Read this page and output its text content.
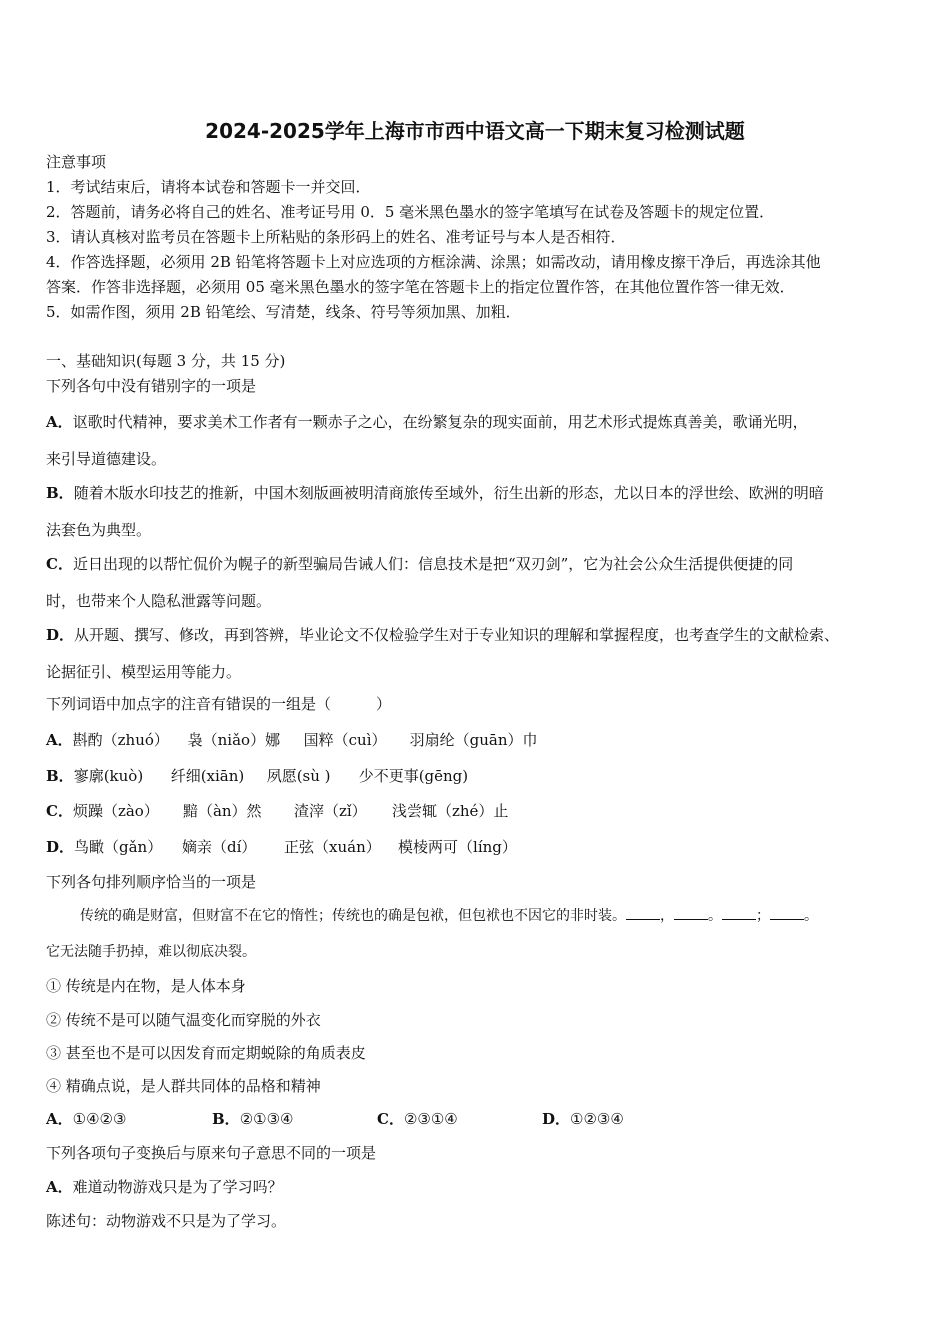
2024-2025学年上海市市西中语文高一下期末复习检测试题
注意事项
1．考试结束后，请将本试卷和答题卡一并交回．
2．答题前，请务必将自己的姓名、准考证号用 0．5 毫米黑色墨水的签字笔填写在试卷及答题卡的规定位置．
3．请认真核对监考员在答题卡上所粘贴的条形码上的姓名、准考证号与本人是否相符．
4．作答选择题，必须用 2B 铅笔将答题卡上对应选项的方框涂满、涂黑；如需改动，请用橡皮擦干净后，再选涂其他
答案．作答非选择题，必须用 05 毫米黑色墨水的签字笔在答题卡上的指定位置作答，在其他位置作答一律无效．
5．如需作图，须用 2B 铅笔绘、写清楚，线条、符号等须加黑、加粗．
一、基础知识(每题 3 分，共 15 分)
下列各句中没有错别字的一项是
A．讴歌时代精神，要求美术工作者有一颗赤子之心，在纷繁复杂的现实面前，用艺术形式提炼真善美，歌诵光明，
来引导道德建设。
B．随着木版水印技艺的推新，中国木刻版画被明清商旅传至域外，衍生出新的形态，尤以日本的浮世绘、欧洲的明暗
法套色为典型。
C．近日出现的以帮忙侃价为幌子的新型骗局告诫人们：信息技术是把“双刃剑”，它为社会公众生活提供便捷的同
时，也带来个人隐私泄露等问题。
D．从开题、撰写、修改，再到答辨，毕业论文不仅检验学生对于专业知识的理解和掌握程度，也考查学生的文献检索、
论据征引、模型运用等能力。
下列词语中加点字的注音有错误的一组是（　　　）
A．斟酌（zhuó） 袅（niǎo）娜 国粹（cuì） 羽扇纶（guān）巾
B．寥廓(kuò) 纤细(xiān) 夙愿(sù ) 少不更事(gēng)
C．烦躁（zào） 黯（àn）然 渣滓（zǐ） 浅尝辄（zhé）止
D．鸟瞰（gǎn） 嫡亲（dí） 正弦（xuán） 模棱两可（líng）
下列各句排列顺序恰当的一项是
传统的确是财富，但财富不在它的惰性；传统也的确是包袱，但包袱也不因它的非时装。 ， 。 ； 。
它无法随手扔掉，难以彻底决裂。
① 传统是内在物，是人体本身
② 传统不是可以随气温变化而穿脱的外衣
③ 甚至也不是可以因发育而定期蜕除的角质表皮
④ 精确点说，是人群共同体的品格和精神
A．①④②③	B．②①③④	C．②③①④	D．①②③④
下列各项句子变换后与原来句子意思不同的一项是
A．难道动物游戏只是为了学习吗？
陈述句：动物游戏不只是为了学习。
